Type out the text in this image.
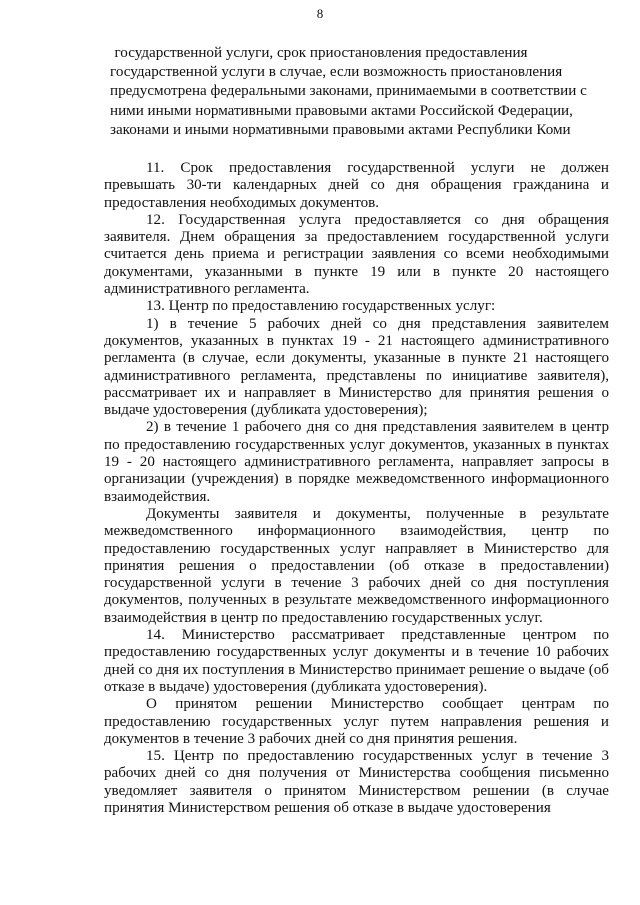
8
государственной услуги, срок приостановления предоставления
государственной услуги в случае, если возможность приостановления
предусмотрена федеральными законами, принимаемыми в соответствии с
ними иными нормативными правовыми актами Российской Федерации,
законами и иными нормативными правовыми актами Республики Коми

11. Срок предоставления государственной услуги не должен превышать 30-ти календарных дней со дня обращения гражданина и предоставления необходимых документов.

12. Государственная услуга предоставляется со дня обращения заявителя. Днем обращения за предоставлением государственной услуги считается день приема и регистрации заявления со всеми необходимыми документами, указанными в пункте 19 или в пункте 20 настоящего административного регламента.

13. Центр по предоставлению государственных услуг:

1) в течение 5 рабочих дней со дня представления заявителем документов, указанных в пунктах 19 - 21 настоящего административного регламента (в случае, если документы, указанные в пункте 21 настоящего административного регламента, представлены по инициативе заявителя), рассматривает их и направляет в Министерство для принятия решения о выдаче удостоверения (дубликата удостоверения);

2) в течение 1 рабочего дня со дня представления заявителем в центр по предоставлению государственных услуг документов, указанных в пунктах 19 - 20 настоящего административного регламента, направляет запросы в организации (учреждения) в порядке межведомственного информационного взаимодействия.

Документы заявителя и документы, полученные в результате межведомственного информационного взаимодействия, центр по предоставлению государственных услуг направляет в Министерство для принятия решения о предоставлении (об отказе в предоставлении) государственной услуги в течение 3 рабочих дней со дня поступления документов, полученных в результате межведомственного информационного взаимодействия в центр по предоставлению государственных услуг.

14. Министерство рассматривает представленные центром по предоставлению государственных услуг документы и в течение 10 рабочих дней со дня их поступления в Министерство принимает решение о выдаче (об отказе в выдаче) удостоверения (дубликата удостоверения).

О принятом решении Министерство сообщает центрам по предоставлению государственных услуг путем направления решения и документов в течение 3 рабочих дней со дня принятия решения.

15. Центр по предоставлению государственных услуг в течение 3 рабочих дней со дня получения от Министерства сообщения письменно уведомляет заявителя о принятом Министерством решении (в случае принятия Министерством решения об отказе в выдаче удостоверения
